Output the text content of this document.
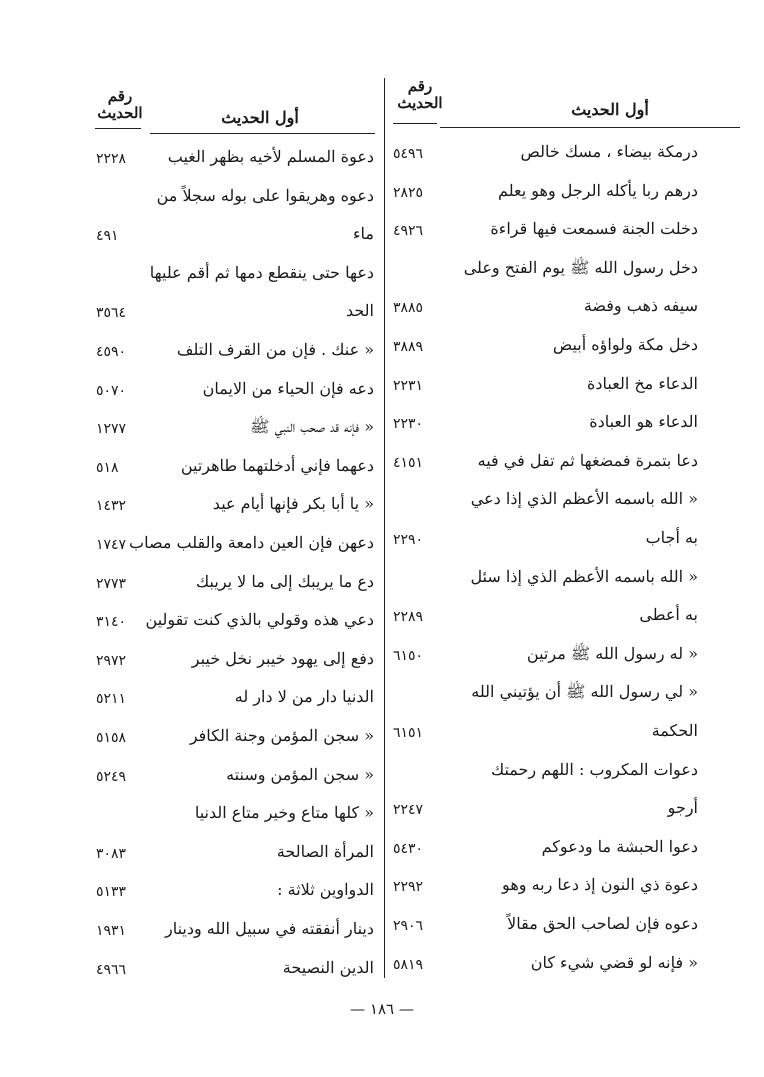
رقم
الحديث	أول الحديث
٥٤٩٦	درمكة بيضاء ، مسك خالص
٢٨٢٥	درهم ربا يأكله الرجل وهو يعلم
٤٩٢٦	دخلت الجنة فسمعت فيها قراءة
دخل رسول الله ﷺ يوم الفتح وعلى
٣٨٨٥	سيفه ذهب وفضة
٣٨٨٩	دخل مكة ولواؤه أبيض
٢٢٣١	الدعاء مخ العبادة
٢٢٣٠	الدعاء هو العبادة
٤١٥١	دعا بتمرة فمضغها ثم تفل في فيه
« الله باسمه الأعظم الذي إذا دعي
٢٢٩٠	به أجاب
« الله باسمه الأعظم الذي إذا سئل
٢٢٨٩	به أعطى
٦١٥٠	« له رسول الله ﷺ مرتين
« لي رسول الله ﷺ أن يؤتيني الله
٦١٥١	الحكمة
دعوات المكروب : اللهم رحمتك
٢٢٤٧	أرجو
٥٤٣٠	دعوا الحبشة ما ودعوكم
٢٢٩٢	دعوة ذي النون إذ دعا ربه وهو
٢٩٠٦	دعوه فإن لصاحب الحق مقالاً
٥٨١٩	« فإنه لو قضي شيء كان
رقم
الحديث	أول الحديث
٢٢٢٨	دعوة المسلم لأخيه بظهر الغيب
دعوه وهريقوا على بوله سجلاً من
٤٩١	ماء
دعها حتى ينقطع دمها ثم أقم عليها
٣٥٦٤	الحد
٤٥٩٠	« عنك . فإن من القرف التلف
٥٠٧٠	دعه فإن الحياء من الايمان
١٢٧٧	« فإنه قد صحب النبي ﷺ
٥١٨	دعهما فإني أدخلتهما طاهرتين
١٤٣٢	« يا أبا بكر فإنها أيام عيد
١٧٤٧ دعهن فإن العين دامعة والقلب مصاب
٢٧٧٣	دع ما يريبك إلى ما لا يريبك
٣١٤٠	دعي هذه وقولي بالذي كنت تقولين
٢٩٧٢	دفع إلى يهود خيبر نخل خيبر
٥٢١١	الدنيا دار من لا دار له
٥١٥٨	« سجن المؤمن وجنة الكافر
٥٢٤٩	« سجن المؤمن وسنته
« كلها متاع وخير متاع الدنيا
٣٠٨٣	المرأة الصالحة
٥١٣٣	الدواوين ثلاثة :
١٩٣١	دينار أنفقته في سبيل الله ودينار
٤٩٦٦	الدين النصيحة
— ١٨٦ —
